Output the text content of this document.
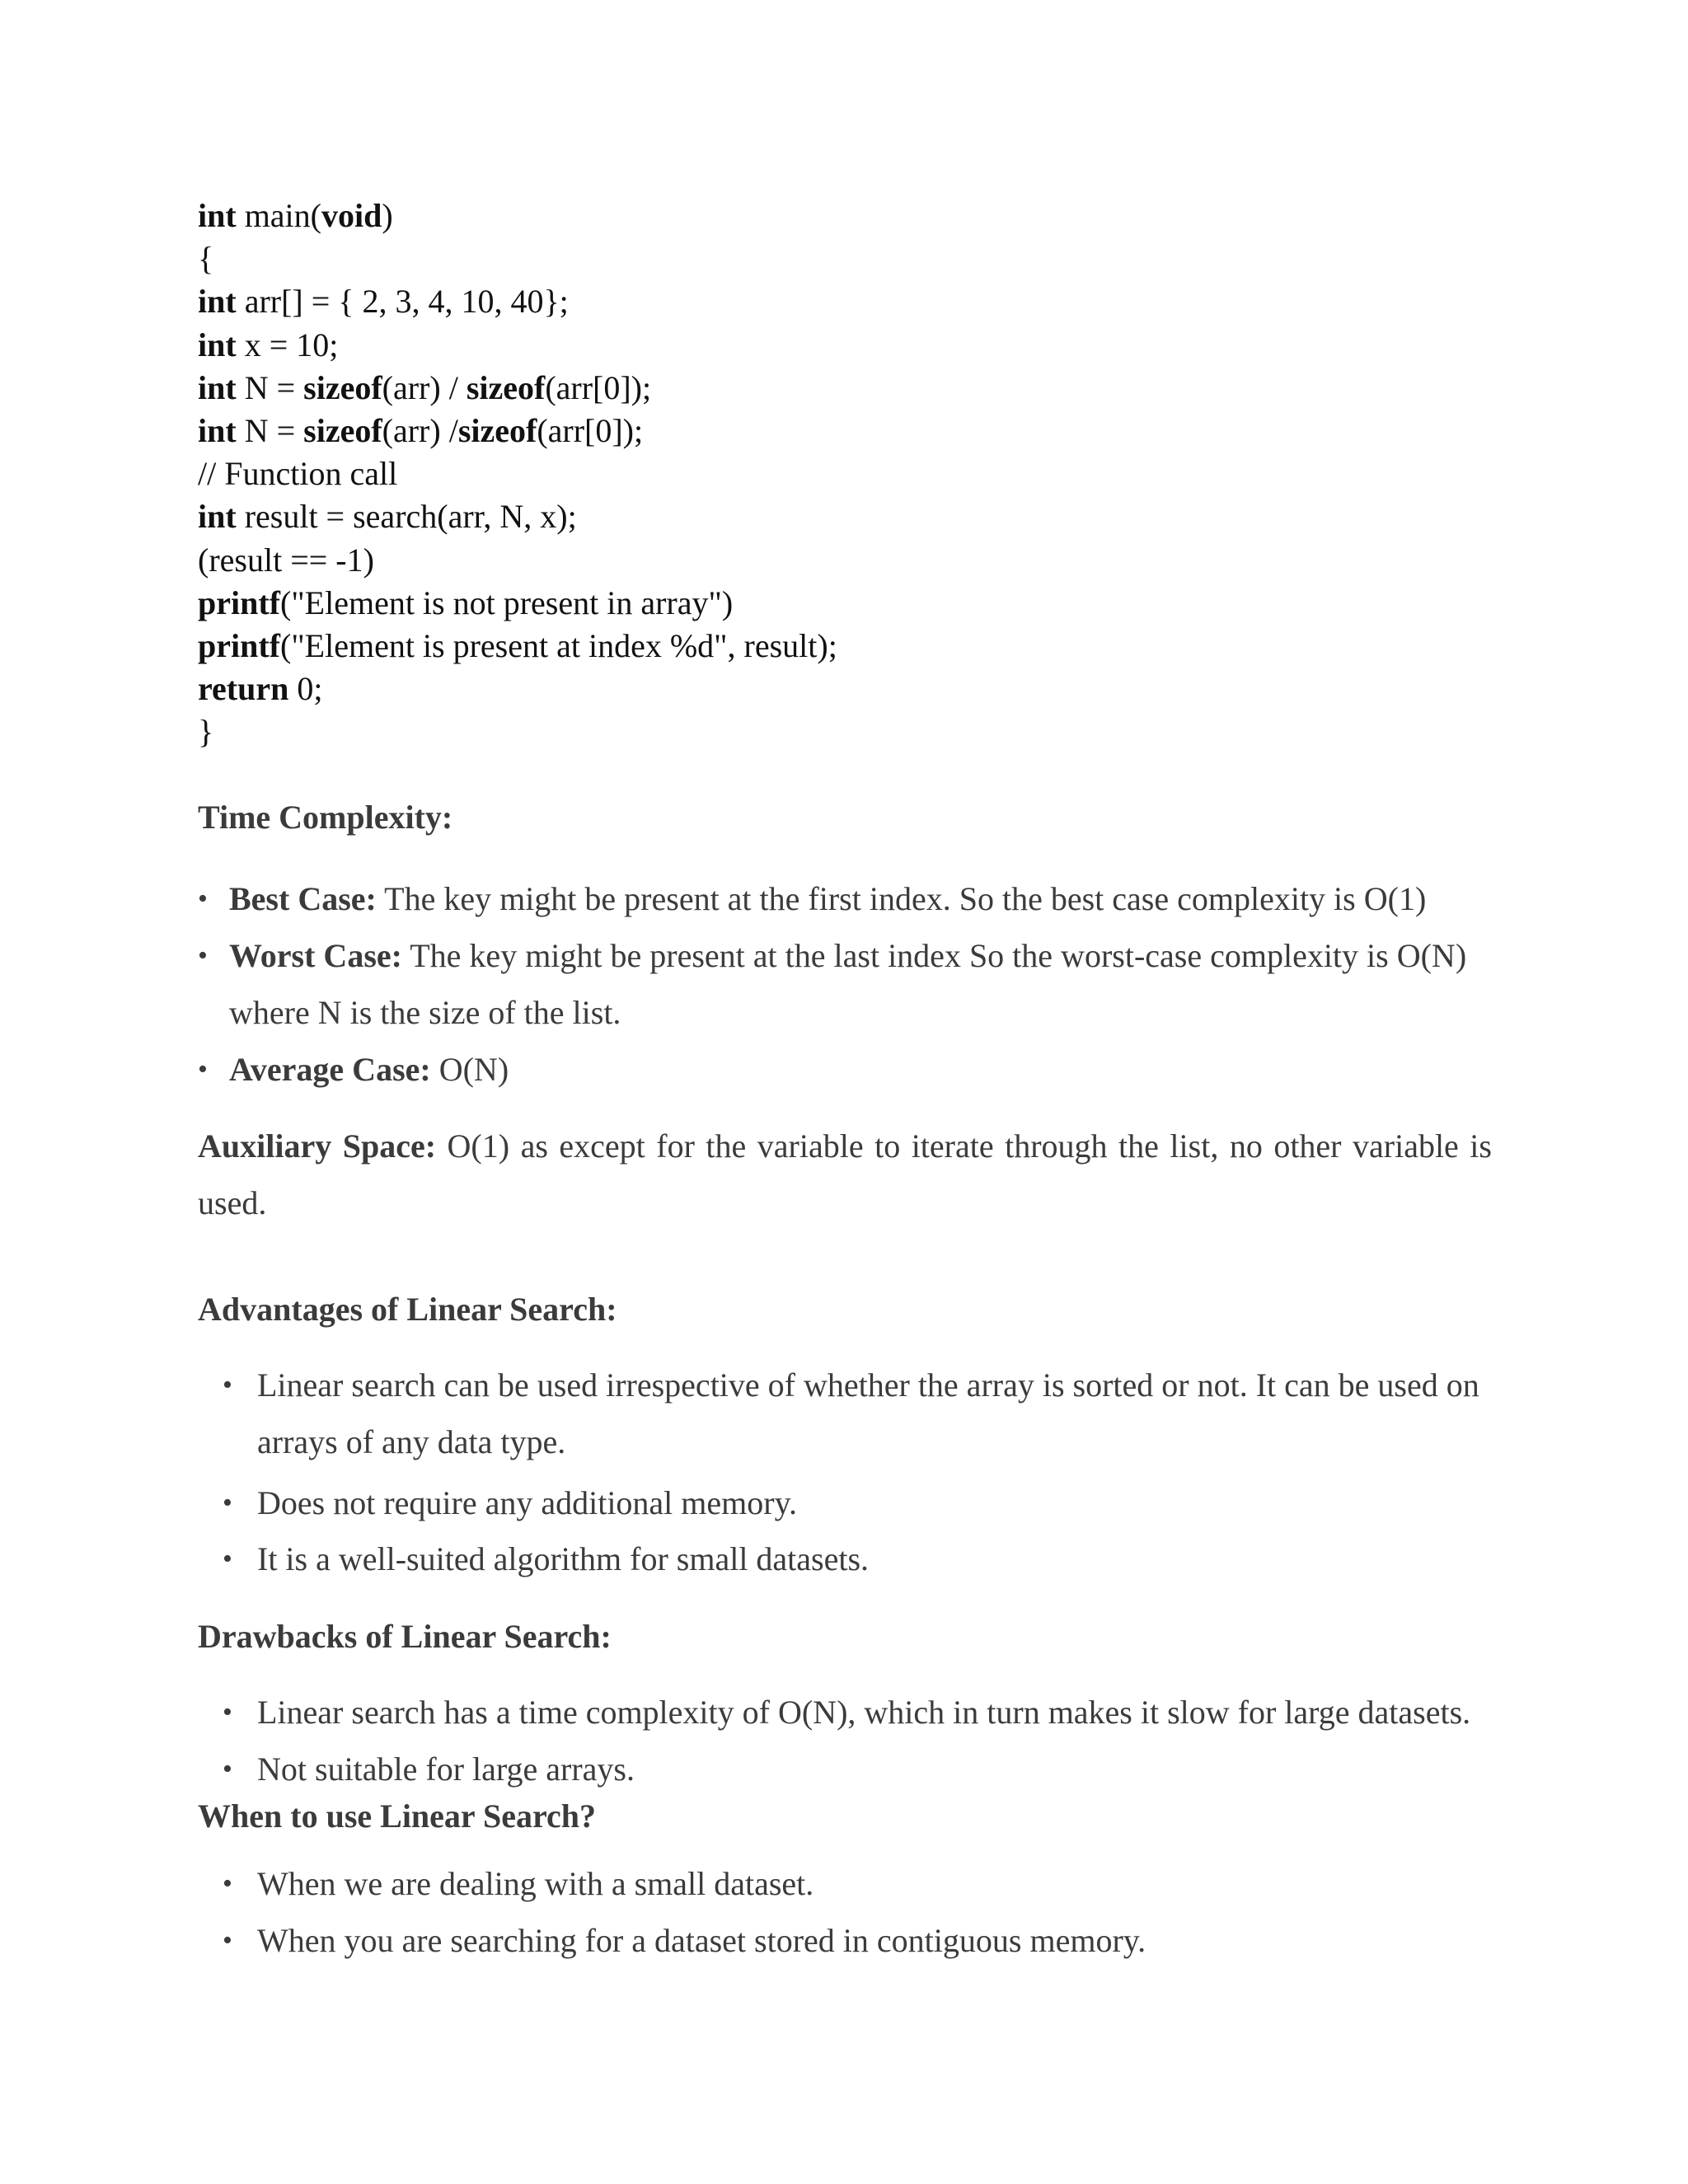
int main(void)
{
int arr[] = { 2, 3, 4, 10, 40};
int x = 10;
int N = sizeof(arr) / sizeof(arr[0]);
int N = sizeof(arr) /sizeof(arr[0]);
// Function call
int result = search(arr, N, x);
(result == -1)
printf("Element is not present in array")
printf("Element is present at index %d", result);
return 0;
}
Time Complexity:
• Best Case: The key might be present at the first index. So the best case complexity is O(1)
• Worst Case: The key might be present at the last index So the worst-case complexity is O(N)
where N is the size of the list.
• Average Case: O(N)
Auxiliary Space: O(1) as except for the variable to iterate through the list, no other variable is used.
Advantages of Linear Search:
• Linear search can be used irrespective of whether the array is sorted or not. It can be used on
arrays of any data type.
• Does not require any additional memory.
• It is a well-suited algorithm for small datasets.
Drawbacks of Linear Search:
• Linear search has a time complexity of O(N), which in turn makes it slow for large datasets.
• Not suitable for large arrays.
When to use Linear Search?
• When we are dealing with a small dataset.
• When you are searching for a dataset stored in contiguous memory.
